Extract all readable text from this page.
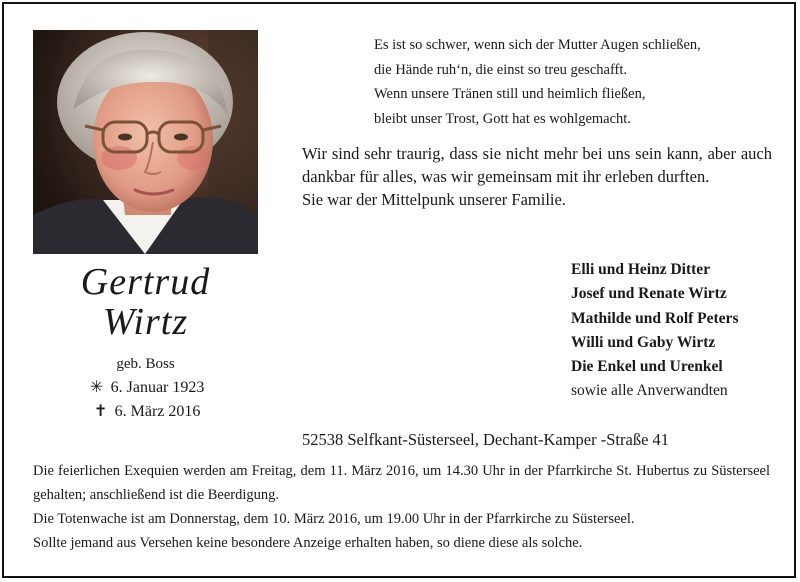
Es ist so schwer, wenn sich der Mutter Augen schließen,
die Hände ruh‘n, die einst so treu geschafft.
Wenn unsere Tränen still und heimlich fließen,
bleibt unser Trost, Gott hat es wohlgemacht.

Wir sind sehr traurig, dass sie nicht mehr bei uns sein kann, aber auch dankbar für alles, was wir gemeinsam mit ihr erleben durften.

Sie war der Mittelpunk unserer Familie.

Gertrud
Wirtz
geb. Boss
✳ 6. Januar 1923
✝ 6. März 2016
Elli und Heinz Ditter
Josef und Renate Wirtz
Mathilde und Rolf Peters
Willi und Gaby Wirtz
Die Enkel und Urenkel
sowie alle Anverwandten
52538 Selfkant-Süsterseel, Dechant-Kamper -Straße 41

Die feierlichen Exequien werden am Freitag, dem 11. März 2016, um 14.30 Uhr in der Pfarrkirche St. Hubertus zu Süsterseel gehalten; anschließend ist die Beerdigung.

Die Totenwache ist am Donnerstag, dem 10. März 2016, um 19.00 Uhr in der Pfarrkirche zu Süsterseel.

Sollte jemand aus Versehen keine besondere Anzeige erhalten haben, so diene diese als solche.
